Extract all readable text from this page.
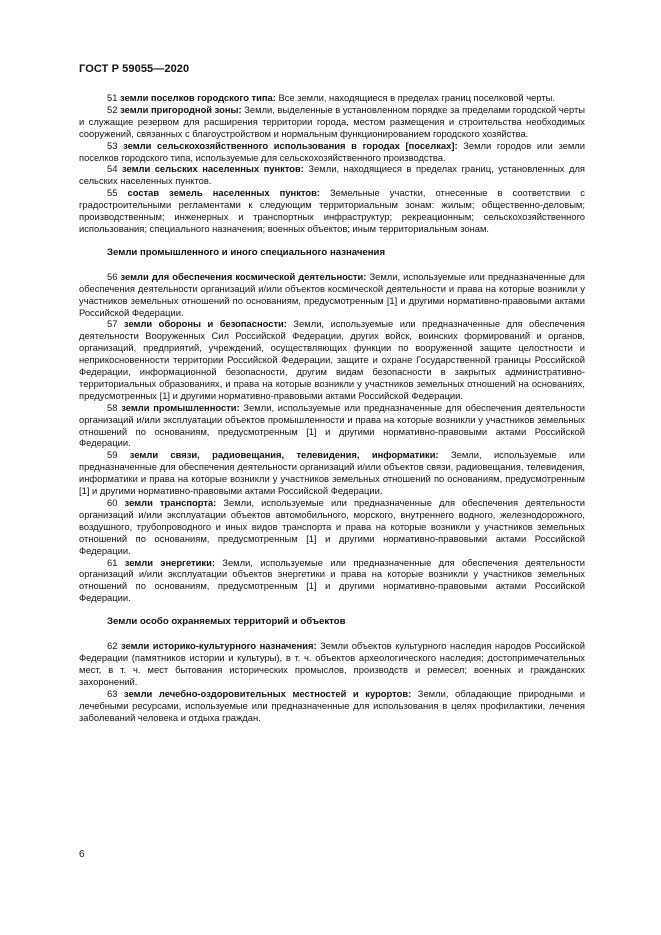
ГОСТ Р 59055—2020

51 земли поселков городского типа: Все земли, находящиеся в пределах границ поселковой черты.

52 земли пригородной зоны: Земли, выделенные в установленном порядке за пределами городской черты и служащие резервом для расширения территории города, местом размещения и строительства необходимых сооружений, связанных с благоустройством и нормальным функционированием городского хозяйства.

53 земли сельскохозяйственного использования в городах [поселках]: Земли городов или земли поселков городского типа, используемые для сельскохозяйственного производства.

54 земли сельских населенных пунктов: Земли, находящиеся в пределах границ, установленных для сельских населенных пунктов.

55 состав земель населенных пунктов: Земельные участки, отнесенные в соответствии с градостроительными регламентами к следующим территориальным зонам: жилым; общественно-деловым; производственным; инженерных и транспортных инфраструктур; рекреационным; сельскохозяйственного использования; специального назначения; военных объектов; иным территориальным зонам.

Земли промышленного и иного специального назначения

56 земли для обеспечения космической деятельности: Земли, используемые или предназначенные для обеспечения деятельности организаций и/или объектов космической деятельности и права на которые возникли у участников земельных отношений по основаниям, предусмотренным [1] и другими нормативно-правовыми актами Российской Федерации.

57 земли обороны и безопасности: Земли, используемые или предназначенные для обеспечения деятельности Вооруженных Сил Российской Федерации, других войск, воинских формирований и органов, организаций, предприятий, учреждений, осуществляющих функции по вооруженной защите целостности и неприкосновенности территории Российской Федерации, защите и охране Государственной границы Российской Федерации, информационной безопасности, другим видам безопасности в закрытых административно-территориальных образованиях, и права на которые возникли у участников земельных отношений на основаниях, предусмотренных [1] и другими нормативно-правовыми актами Российской Федерации.

58 земли промышленности: Земли, используемые или предназначенные для обеспечения деятельности организаций и/или эксплуатации объектов промышленности и права на которые возникли у участников земельных отношений по основаниям, предусмотренным [1] и другими нормативно-правовыми актами Российской Федерации.

59 земли связи, радиовещания, телевидения, информатики: Земли, используемые или предназначенные для обеспечения деятельности организаций и/или объектов связи, радиовещания, телевидения, информатики и права на которые возникли у участников земельных отношений по основаниям, предусмотренным [1] и другими нормативно-правовыми актами Российской Федерации.

60 земли транспорта: Земли, используемые или предназначенные для обеспечения деятельности организаций и/или эксплуатации объектов автомобильного, морского, внутреннего водного, железнодорожного, воздушного, трубопроводного и иных видов транспорта и права на которые возникли у участников земельных отношений по основаниям, предусмотренным [1] и другими нормативно-правовыми актами Российской Федерации.

61 земли энергетики: Земли, используемые или предназначенные для обеспечения деятельности организаций и/или эксплуатации объектов энергетики и права на которые возникли у участников земельных отношений по основаниям, предусмотренным [1] и другими нормативно-правовыми актами Российской Федерации.

Земли особо охраняемых территорий и объектов

62 земли историко-культурного назначения: Земли объектов культурного наследия народов Российской Федерации (памятников истории и культуры), в т. ч. объектов археологического наследия; достопримечательных мест, в т. ч. мест бытования исторических промыслов, производств и ремесел; военных и гражданских захоронений.

63 земли лечебно-оздоровительных местностей и курортов: Земли, обладающие природными и лечебными ресурсами, используемые или предназначенные для использования в целях профилактики, лечения заболеваний человека и отдыха граждан.

6
